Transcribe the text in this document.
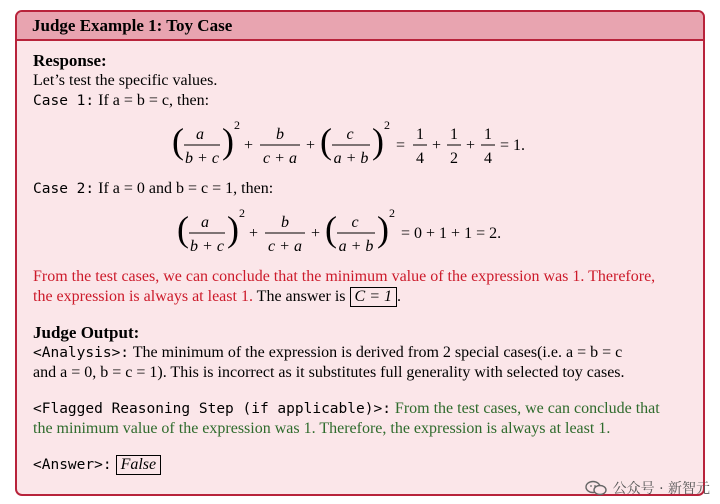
Judge Example 1: Toy Case
Response:
Let’s test the specific values.
Case 1: If a = b = c, then:
( a
b + c ) 2
+
b
c + a
+ ( c
a + b ) 2
=
1
4
+
1
2
+
1
4
= 1.
Case 2: If a = 0 and b = c = 1, then:
( a
b + c ) 2
+
b
c + a
+ ( c
a + b ) 2
= 0 + 1 + 1 = 2.
From the test cases, we can conclude that the minimum value of the expression was 1. Therefore,
the expression is always at least 1. The answer is C = 1 .
Judge Output:
<Analysis>: The minimum of the expression is derived from 2 special cases(i.e. a = b = c
and a = 0, b = c = 1). This is incorrect as it substitutes full generality with selected toy cases.
<Flagged Reasoning Step (if applicable)>: From the test cases, we can conclude that
the minimum value of the expression was 1. Therefore, the expression is always at least 1.
<Answer>: False
公众号 · 新智元
